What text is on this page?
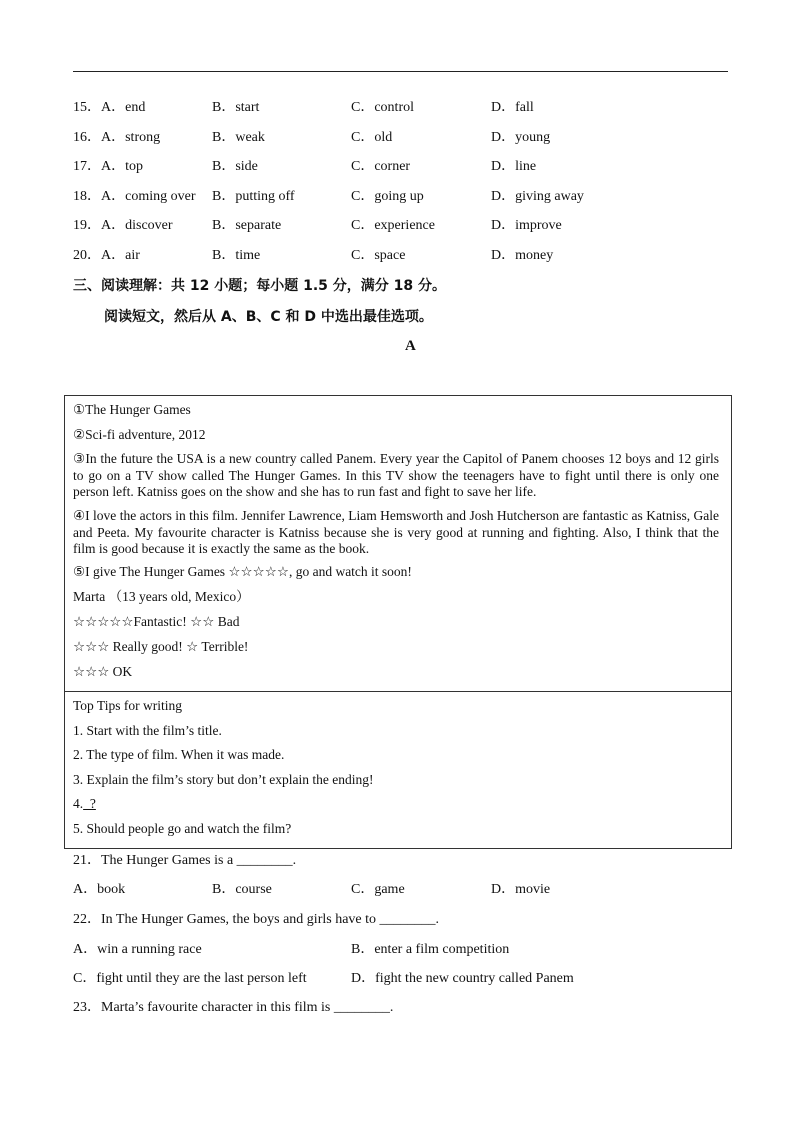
15．A．end	B．start	C．control	D．fall
16．A．strong	B．weak	C．old	D．young
17．A．top	B．side	C．corner	D．line
18．A．coming over B．putting off	C．going up	D．giving away
19．A．discover	B．separate	C．experience	D．improve
20．A．air	B．time	C．space	D．money
三、阅读理解：共 12 小题；每小题 1.5 分，满分 18 分。
阅读短文，然后从 A、B、C 和 D 中选出最佳选项。
A
①The Hunger Games
②Sci-fi adventure, 2012
③In the future the USA is a new country called Panem. Every year the Capitol of Panem chooses 12 boys and 12 girls to go on a TV show called The Hunger Games. In this TV show the teenagers have to fight until there is only one person left. Katniss goes on the show and she has to run fast and fight to save her life.
④I love the actors in this film. Jennifer Lawrence, Liam Hemsworth and Josh Hutcherson are fantastic as Katniss, Gale and Peeta. My favourite character is Katniss because she is very good at running and fighting. Also, I think that the film is good because it is exactly the same as the book.
⑤I give The Hunger Games ☆☆☆☆☆, go and watch it soon!
Marta （13 years old, Mexico）
☆☆☆☆☆Fantastic! ☆☆ Bad
☆☆☆ Really good! ☆ Terrible!
☆☆☆ OK
Top Tips for writing
1. Start with the film’s title.
2. The type of film. When it was made.
3. Explain the film’s story but don’t explain the ending!
4.  ?
5. Should people go and watch the film?
21．The Hunger Games is a ________.
A．book	B．course	C．game	D．movie
22．In The Hunger Games, the boys and girls have to ________.
A．win a running race	B．enter a film competition
C．fight until they are the last person left	D．fight the new country called Panem
23．Marta’s favourite character in this film is ________.
